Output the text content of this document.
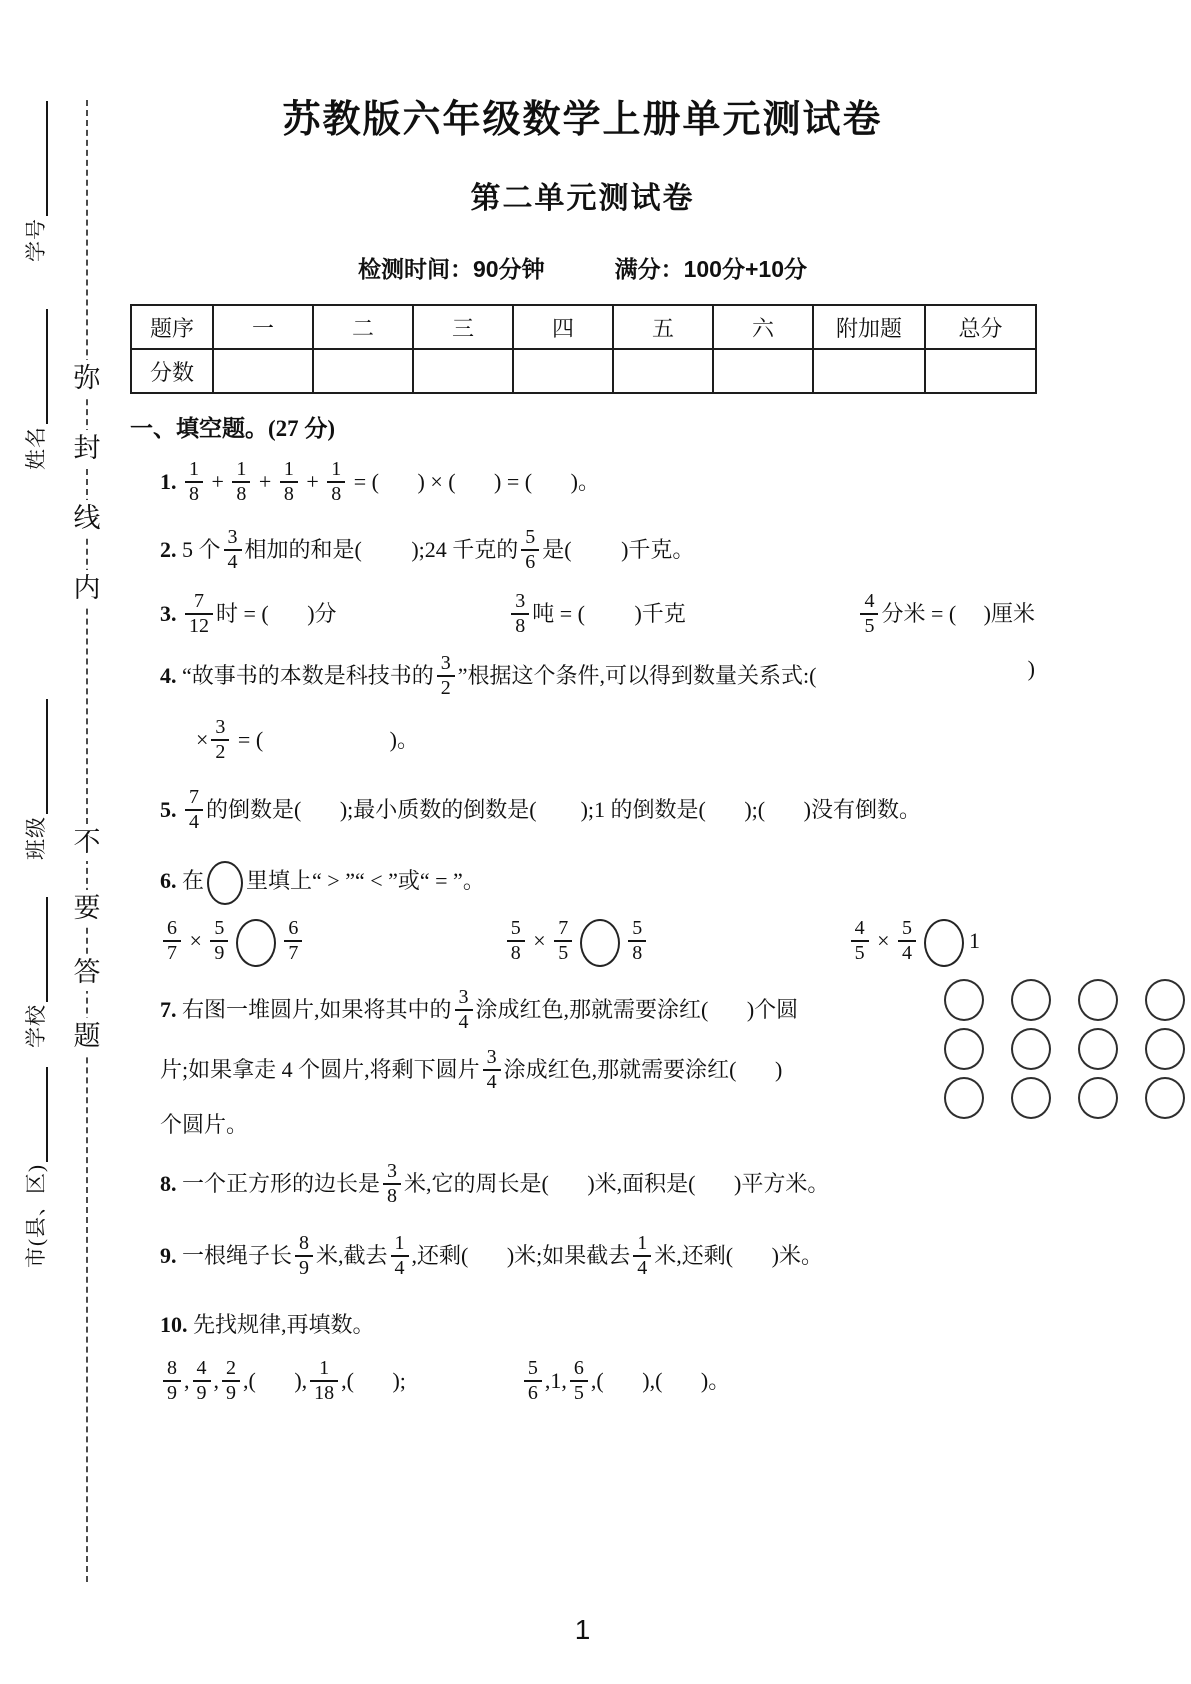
学号
姓名
班级
学校
市(县、区)
弥
封
线
内
不
要
答
题
苏教版六年级数学上册单元测试卷
第二单元测试卷
检测时间：90分钟	满分：100分+10分
题序	一	二	三	四	五	六	附加题	总分
分数								
一、填空题。(27 分)
1. $\frac{1}{8} + \frac{1}{8} + \frac{1}{8} + \frac{1}{8}$ = (       ) × (       ) = (       )。
2. 5 个 $\frac{3}{4}$ 相加的和是(         );24 千克的 $\frac{5}{6}$ 是(         )千克。
3. $\frac{7}{12}$ 时 = (       )分	$\frac{3}{8}$ 吨 = (         )千克	$\frac{4}{5}$ 分米 = (     )厘米
4. “故事书的本数是科技书的 $\frac{3}{2}$ ”根据这个条件,可以得到数量关系式:(	)
× $\frac{3}{2}$ = (                       )。
5. $\frac{7}{4}$ 的倒数是(       );最小质数的倒数是(        );1 的倒数是(       );(       )没有倒数。
6. 在 里填上“ > ”“ < ”或“ = ”。
$\frac{6}{7} \times \frac{5}{9}$	$\frac{6}{7}$	$\frac{5}{8} \times \frac{7}{5}$	$\frac{5}{8}$	$\frac{4}{5} \times \frac{5}{4} 1$
7. 右图一堆圆片,如果将其中的 $\frac{3}{4}$ 涂成红色,那就需要涂红(       )个圆
片;如果拿走 4 个圆片,将剩下圆片 $\frac{3}{4}$ 涂成红色,那就需要涂红(       )
个圆片。
8. 一个正方形的边长是 $\frac{3}{8}$ 米,它的周长是(       )米,面积是(       )平方米。
9. 一根绳子长 $\frac{8}{9}$ 米,截去 $\frac{1}{4}$ ,还剩(       )米;如果截去 $\frac{1}{4}$ 米,还剩(       )米。
10. 先找规律,再填数。
$\frac{8}{9}$ , $\frac{4}{9}$ , $\frac{2}{9}$ ,(       ), $\frac{1}{18}$ ,(       );	$\frac{5}{6} ,1$, $\frac{6}{5}$ ,(       ),(       )。
1
